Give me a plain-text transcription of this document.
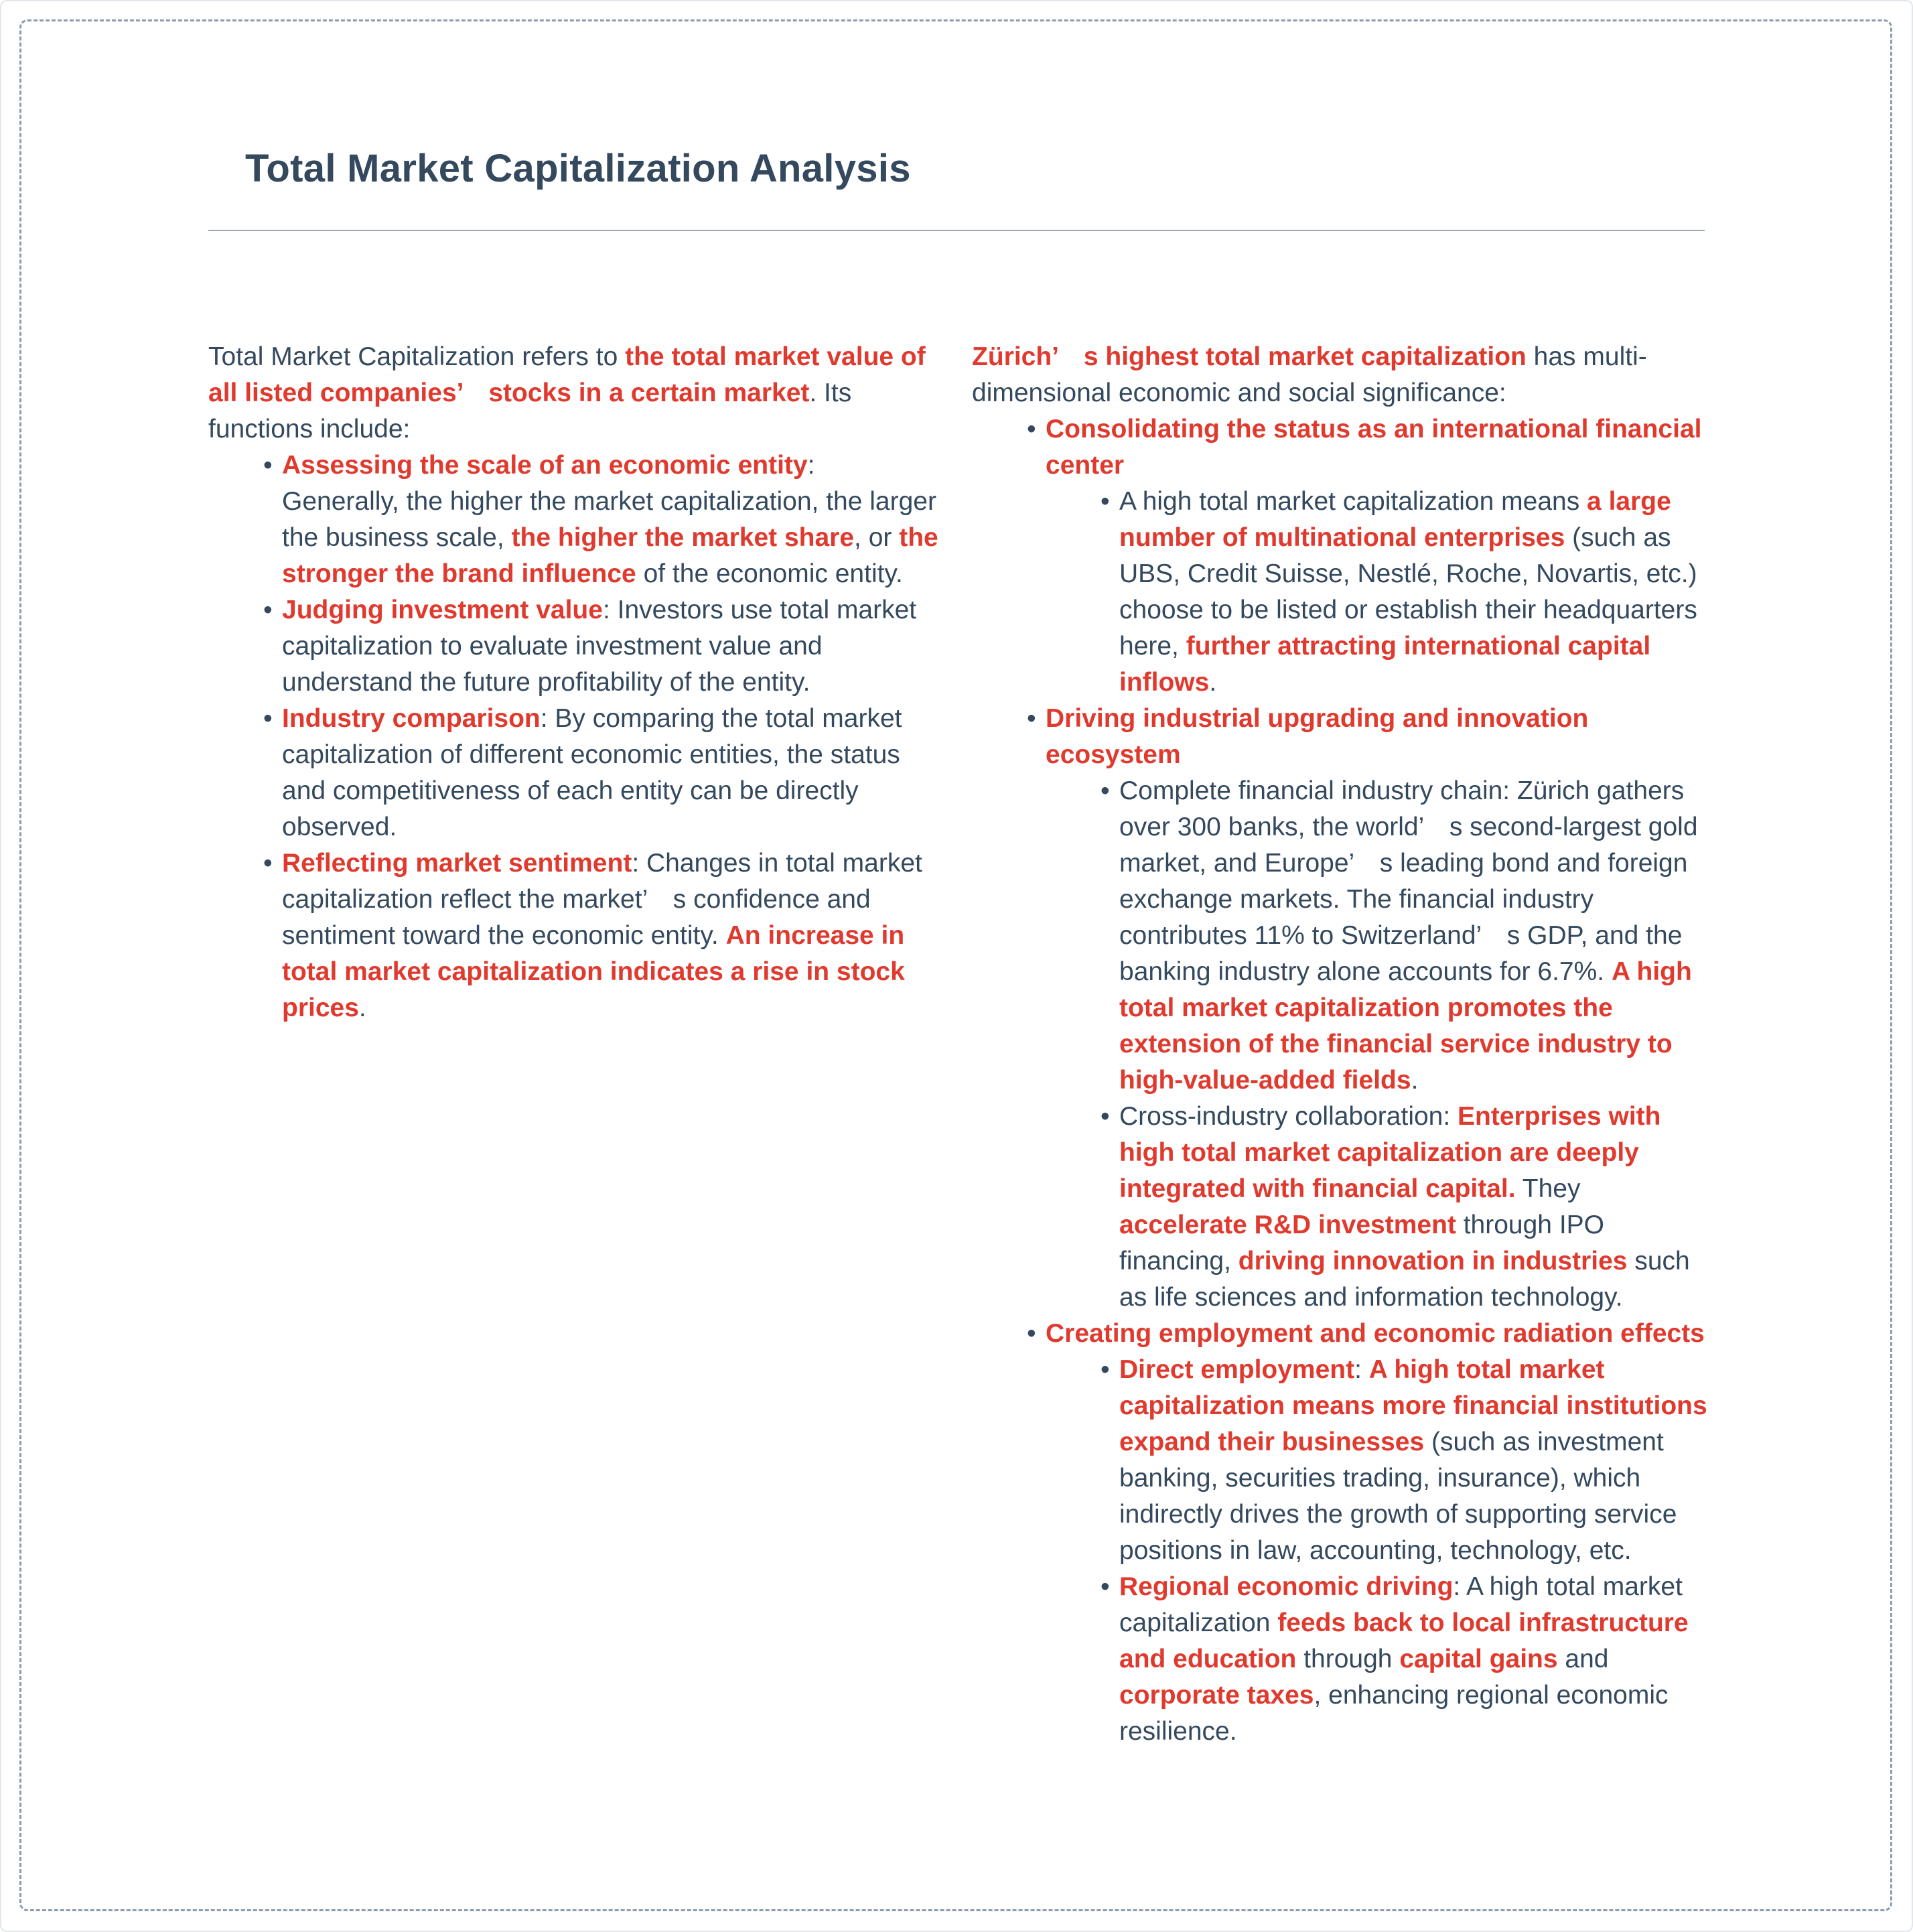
Total Market Capitalization Analysis

Total Market Capitalization refers to the total market value of all listed companies’　stocks in a certain market. Its functions include:

• Assessing the scale of an economic entity: Generally, the higher the market capitalization, the larger the business scale, the higher the market share, or the stronger the brand influence of the economic entity.
• Judging investment value: Investors use total market capitalization to evaluate investment value and understand the future profitability of the entity.
• Industry comparison: By comparing the total market capitalization of different economic entities, the status and competitiveness of each entity can be directly observed.
• Reflecting market sentiment: Changes in total market capitalization reflect the market’　s confidence and sentiment toward the economic entity. An increase in total market capitalization indicates a rise in stock prices.

Zürich’　s highest total market capitalization has multi-dimensional economic and social significance:

• Consolidating the status as an international financial center
• A high total market capitalization means a large number of multinational enterprises (such as UBS, Credit Suisse, Nestlé, Roche, Novartis, etc.) choose to be listed or establish their headquarters here, further attracting international capital inflows.
• Driving industrial upgrading and innovation ecosystem
• Complete financial industry chain: Zürich gathers over 300 banks, the world’　s second-largest gold market, and Europe’　s leading bond and foreign exchange markets. The financial industry contributes 11% to Switzerland’　s GDP, and the banking industry alone accounts for 6.7%. A high total market capitalization promotes the extension of the financial service industry to high-value-added fields.
• Cross-industry collaboration: Enterprises with high total market capitalization are deeply integrated with financial capital. They accelerate R&D investment through IPO financing, driving innovation in industries such as life sciences and information technology.
• Creating employment and economic radiation effects
• Direct employment: A high total market capitalization means more financial institutions expand their businesses (such as investment banking, securities trading, insurance), which indirectly drives the growth of supporting service positions in law, accounting, technology, etc.
• Regional economic driving: A high total market capitalization feeds back to local infrastructure and education through capital gains and corporate taxes, enhancing regional economic resilience.
